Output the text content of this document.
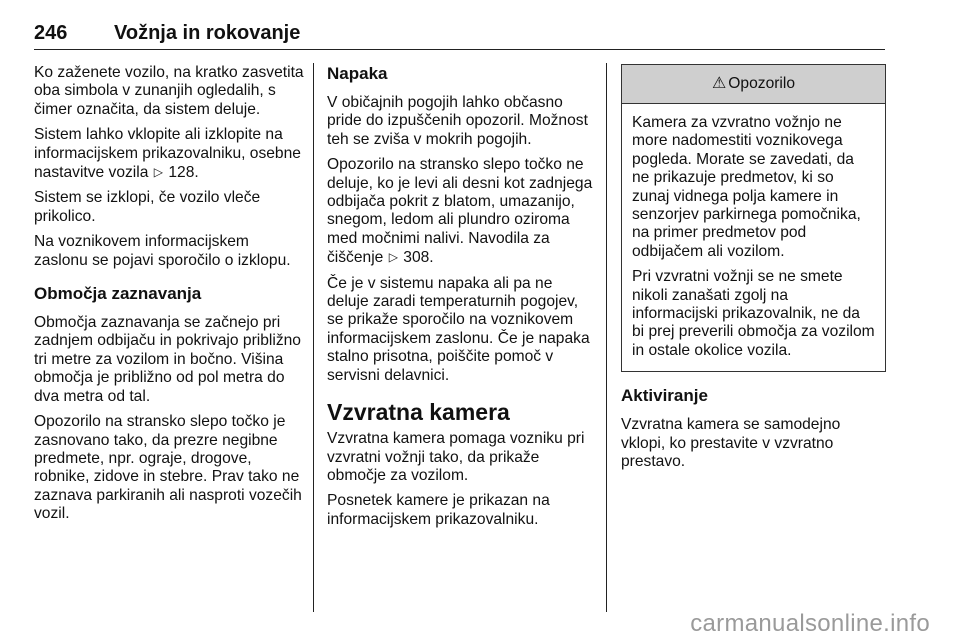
246 Vožnja in rokovanje

Ko zaženete vozilo, na kratko zasvetita oba simbola v zunanjih ogledalih, s čimer označita, da sistem deluje.

Sistem lahko vklopite ali izklopite na informacijskem prikazovalniku, osebne nastavitve vozila ▷ 128.

Sistem se izklopi, če vozilo vleče prikolico.

Na voznikovem informacijskem zaslonu se pojavi sporočilo o izklopu.

Območja zaznavanja

Območja zaznavanja se začnejo pri zadnjem odbijaču in pokrivajo približno tri metre za vozilom in bočno. Višina območja je približno od pol metra do dva metra od tal.

Opozorilo na stransko slepo točko je zasnovano tako, da prezre negibne predmete, npr. ograje, drogove, robnike, zidove in stebre. Prav tako ne zaznava parkiranih ali nasproti vozečih vozil.

Napaka

V običajnih pogojih lahko občasno pride do izpuščenih opozoril. Možnost teh se zviša v mokrih pogojih.

Opozorilo na stransko slepo točko ne deluje, ko je levi ali desni kot zadnjega odbijača pokrit z blatom, umazanijo, snegom, ledom ali plundro oziroma med močnimi nalivi. Navodila za čiščenje ▷ 308.

Če je v sistemu napaka ali pa ne deluje zaradi temperaturnih pogojev, se prikaže sporočilo na voznikovem informacijskem zaslonu. Če je napaka stalno prisotna, poiščite pomoč v servisni delavnici.

Vzvratna kamera

Vzvratna kamera pomaga vozniku pri vzvratni vožnji tako, da prikaže območje za vozilom.

Posnetek kamere je prikazan na informacijskem prikazovalniku.

⚠ Opozorilo

Kamera za vzvratno vožnjo ne more nadomestiti voznikovega pogleda. Morate se zavedati, da ne prikazuje predmetov, ki so zunaj vidnega polja kamere in senzorjev parkirnega pomočnika, na primer predmetov pod odbijačem ali vozilom.

Pri vzvratni vožnji se ne smete nikoli zanašati zgolj na informacijski prikazovalnik, ne da bi prej preverili območja za vozilom in ostale okolice vozila.

Aktiviranje

Vzvratna kamera se samodejno vklopi, ko prestavite v vzvratno prestavo.

carmanualsonline.info
